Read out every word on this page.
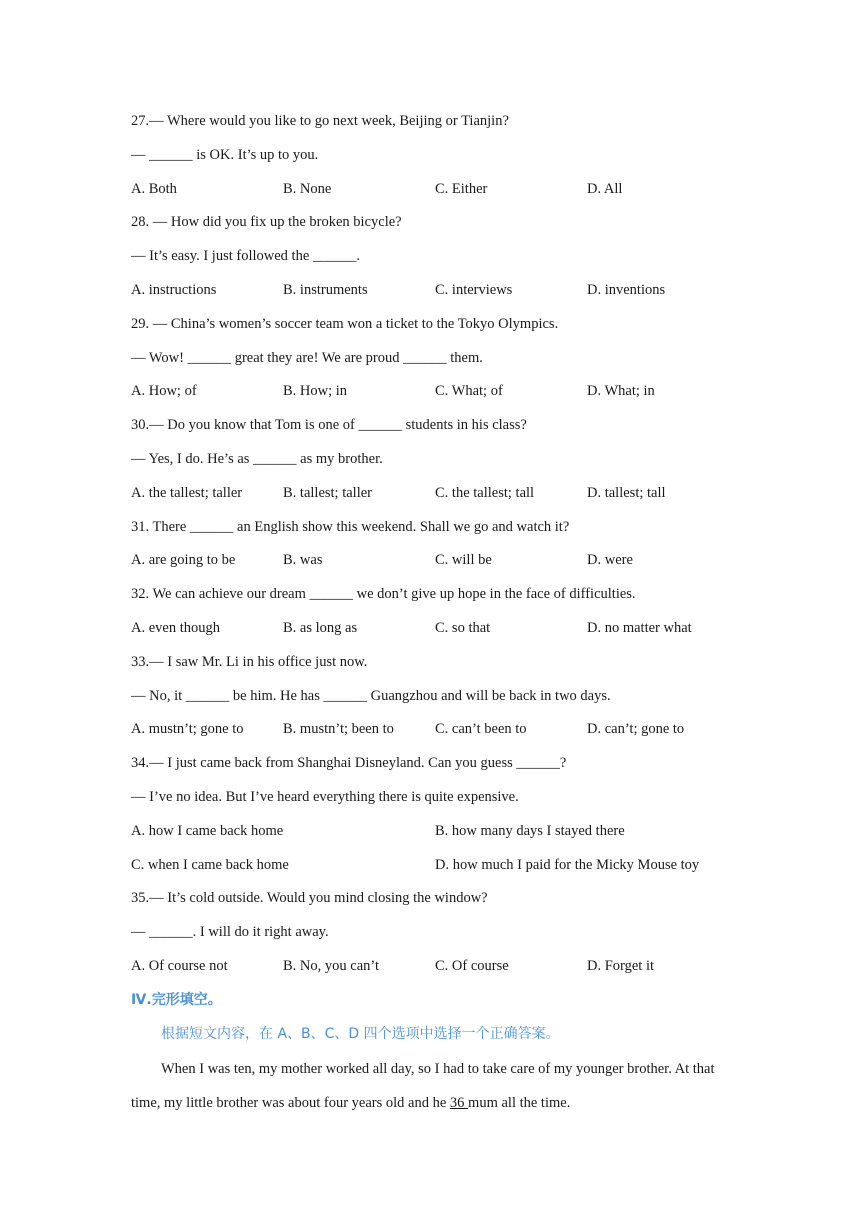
27.— Where would you like to go next week, Beijing or Tianjin?
— ______ is OK. It’s up to you.
A. Both	B. None	C. Either	D. All
28. — How did you fix up the broken bicycle?
— It’s easy. I just followed the ______.
A. instructions	B. instruments	C. interviews	D. inventions
29. — China’s women’s soccer team won a ticket to the Tokyo Olympics.
— Wow! ______ great they are! We are proud ______ them.
A. How; of	B. How; in	C. What; of	D. What; in
30.— Do you know that Tom is one of ______ students in his class?
— Yes, I do. He’s as ______ as my brother.
A. the tallest; taller	B. tallest; taller	C. the tallest; tall	D. tallest; tall
31. There ______ an English show this weekend. Shall we go and watch it?
A. are going to be	B. was	C. will be	D. were
32. We can achieve our dream ______ we don’t give up hope in the face of difficulties.
A. even though	B. as long as	C. so that	D. no matter what
33.— I saw Mr. Li in his office just now.
— No, it ______ be him. He has ______ Guangzhou and will be back in two days.
A. mustn’t; gone to	B. mustn’t; been to	C. can’t been to	D. can’t; gone to
34.— I just came back from Shanghai Disneyland. Can you guess ______?
— I’ve no idea. But I’ve heard everything there is quite expensive.
A. how I came back home	B. how many days I stayed there
C. when I came back home	D. how much I paid for the Micky Mouse toy
35.— It’s cold outside. Would you mind closing the window?
— ______. I will do it right away.
A. Of course not	B. No, you can’t	C. Of course	D. Forget it
Ⅳ.完形填空。
根据短文内容，在 A、B、C、D 四个选项中选择一个正确答案。
When I was ten, my mother worked all day, so I had to take care of my younger brother. At that time, my little brother was about four years old and he 36 mum all the time.
